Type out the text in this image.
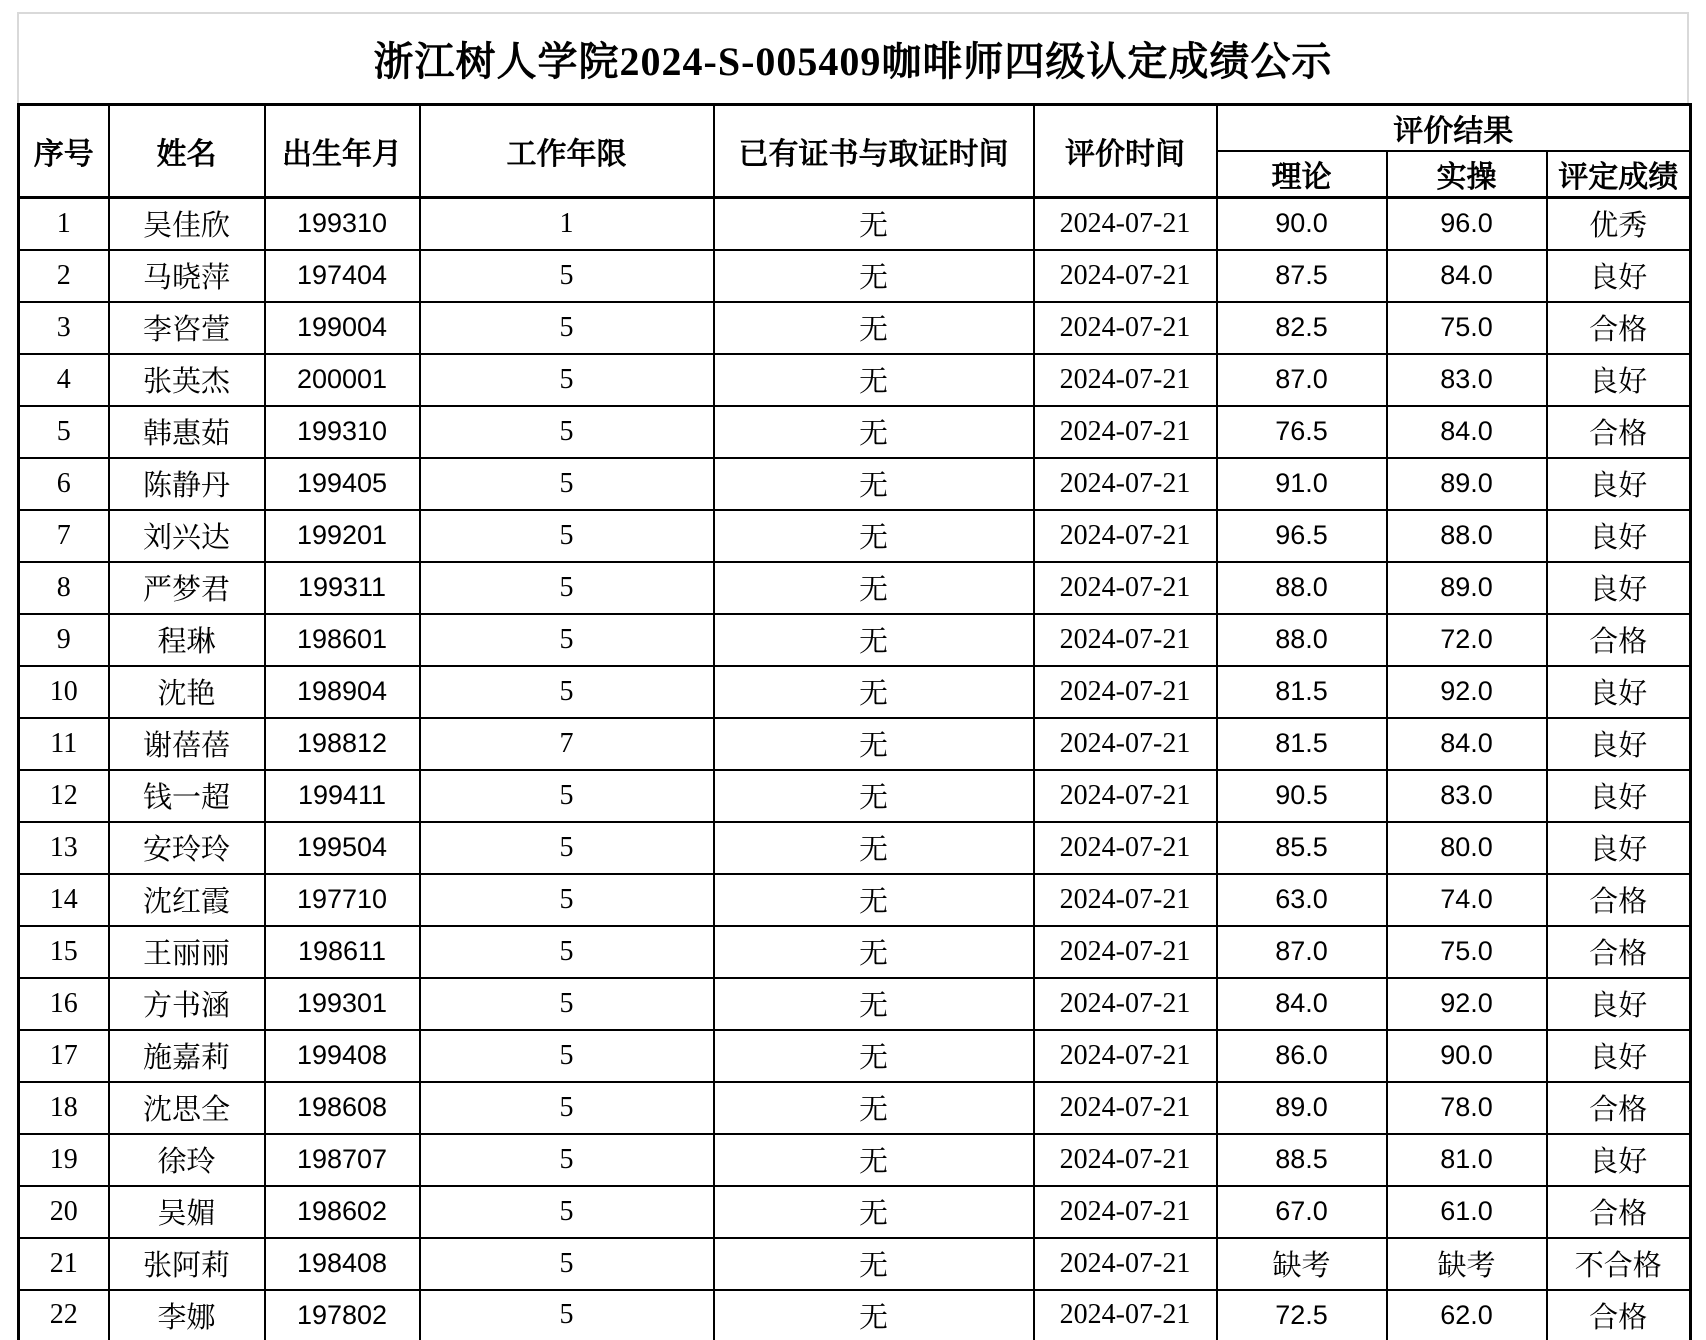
浙江树人学院2024-S-005409咖啡师四级认定成绩公示
序号	姓名	出生年月	工作年限	已有证书与取证时间	评价时间	评价结果		
						理论	实操	评定成绩
1	吴佳欣	199310	1	无	2024-07-21	90.0	96.0	优秀
2	马晓萍	197404	5	无	2024-07-21	87.5	84.0	良好
3	李咨萱	199004	5	无	2024-07-21	82.5	75.0	合格
4	张英杰	200001	5	无	2024-07-21	87.0	83.0	良好
5	韩惠茹	199310	5	无	2024-07-21	76.5	84.0	合格
6	陈静丹	199405	5	无	2024-07-21	91.0	89.0	良好
7	刘兴达	199201	5	无	2024-07-21	96.5	88.0	良好
8	严梦君	199311	5	无	2024-07-21	88.0	89.0	良好
9	程琳	198601	5	无	2024-07-21	88.0	72.0	合格
10	沈艳	198904	5	无	2024-07-21	81.5	92.0	良好
11	谢蓓蓓	198812	7	无	2024-07-21	81.5	84.0	良好
12	钱一超	199411	5	无	2024-07-21	90.5	83.0	良好
13	安玲玲	199504	5	无	2024-07-21	85.5	80.0	良好
14	沈红霞	197710	5	无	2024-07-21	63.0	74.0	合格
15	王丽丽	198611	5	无	2024-07-21	87.0	75.0	合格
16	方书涵	199301	5	无	2024-07-21	84.0	92.0	良好
17	施嘉莉	199408	5	无	2024-07-21	86.0	90.0	良好
18	沈思全	198608	5	无	2024-07-21	89.0	78.0	合格
19	徐玲	198707	5	无	2024-07-21	88.5	81.0	良好
20	吴媚	198602	5	无	2024-07-21	67.0	61.0	合格
21	张阿莉	198408	5	无	2024-07-21	缺考	缺考	不合格
22	李娜	197802	5	无	2024-07-21	72.5	62.0	合格
